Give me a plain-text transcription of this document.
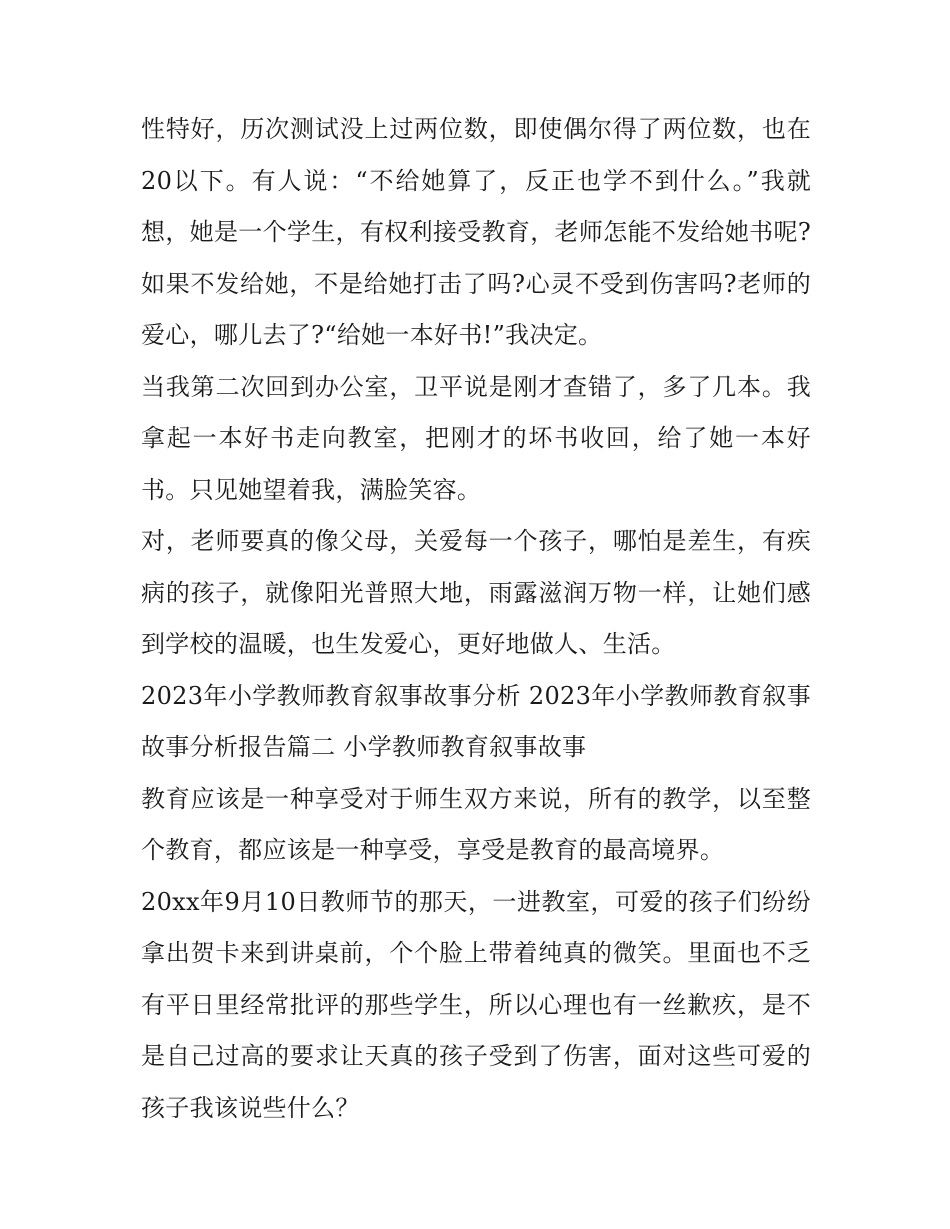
性特好，历次测试没上过两位数，即使偶尔得了两位数，也在20以下。有人说：“不给她算了，反正也学不到什么。”我就想，她是一个学生，有权利接受教育，老师怎能不发给她书呢?如果不发给她，不是给她打击了吗?心灵不受到伤害吗?老师的爱心，哪儿去了?“给她一本好书!”我决定。

当我第二次回到办公室，卫平说是刚才查错了，多了几本。我拿起一本好书走向教室，把刚才的坏书收回，给了她一本好书。只见她望着我，满脸笑容。

对，老师要真的像父母，关爱每一个孩子，哪怕是差生，有疾病的孩子，就像阳光普照大地，雨露滋润万物一样，让她们感到学校的温暖，也生发爱心，更好地做人、生活。

2023年小学教师教育叙事故事分析 2023年小学教师教育叙事故事分析报告篇二 小学教师教育叙事故事

教育应该是一种享受对于师生双方来说，所有的教学，以至整个教育，都应该是一种享受，享受是教育的最高境界。

20xx年9月10日教师节的那天，一进教室，可爱的孩子们纷纷拿出贺卡来到讲桌前，个个脸上带着纯真的微笑。里面也不乏有平日里经常批评的那些学生，所以心理也有一丝歉疚，是不是自己过高的要求让天真的孩子受到了伤害，面对这些可爱的孩子我该说些什么？
